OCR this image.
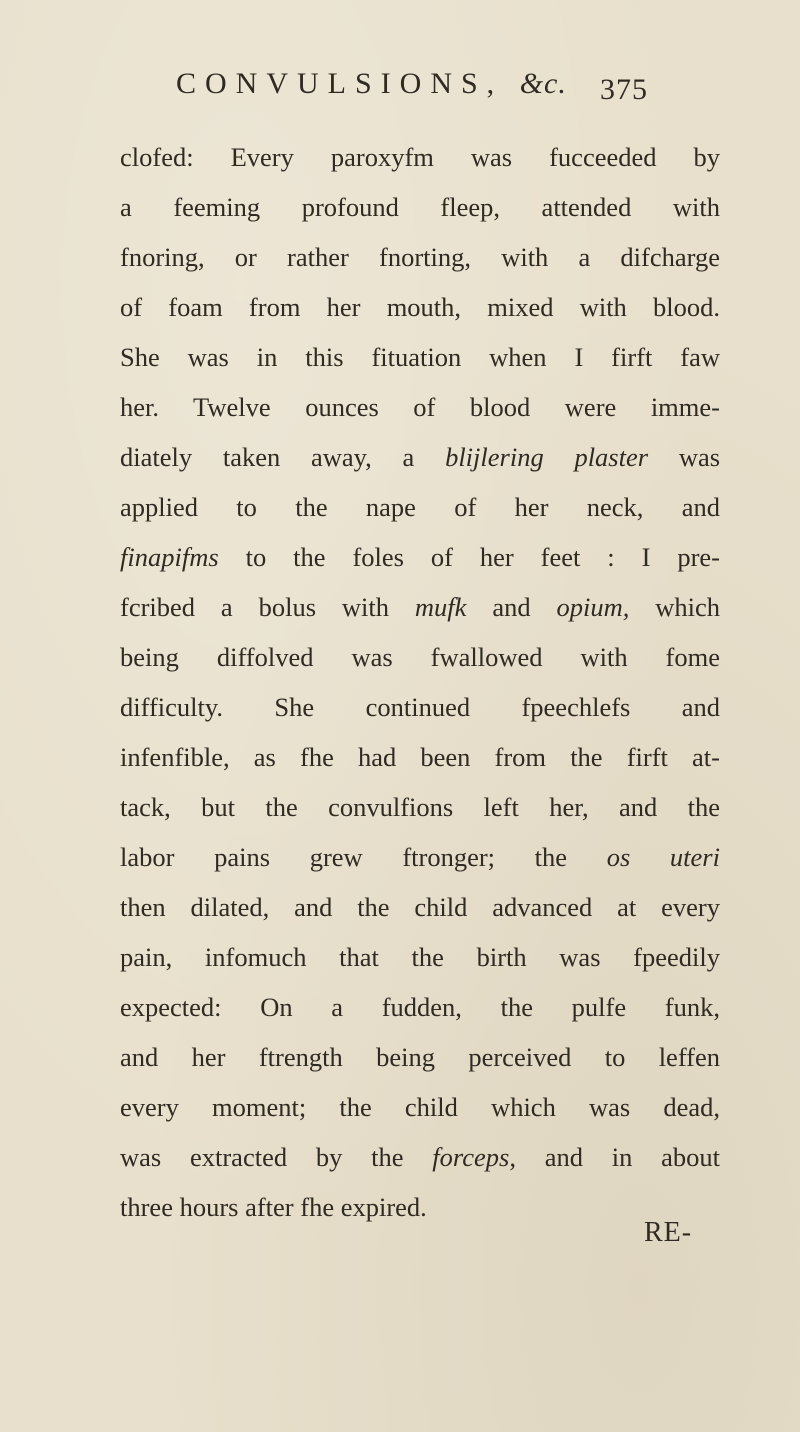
CONVULSIONS, &c. 375
clofed: Every paroxyfm was fucceeded by
a feeming profound fleep, attended with
fnoring, or rather fnorting, with a difcharge
of foam from her mouth, mixed with blood.
She was in this fituation when I firft faw
her. Twelve ounces of blood were imme-
diately taken away, a blijlering plaster was
applied to the nape of her neck, and
finapifms to the foles of her feet : I pre-
fcribed a bolus with mufk and opium, which
being diffolved was fwallowed with fome
difficulty. She continued fpeechlefs and
infenfible, as fhe had been from the firft at-
tack, but the convulfions left her, and the
labor pains grew ftronger; the os uteri
then dilated, and the child advanced at every
pain, infomuch that the birth was fpeedily
expected: On a fudden, the pulfe funk,
and her ftrength being perceived to leffen
every moment; the child which was dead,
was extracted by the forceps, and in about
three hours after fhe expired.
RE-
